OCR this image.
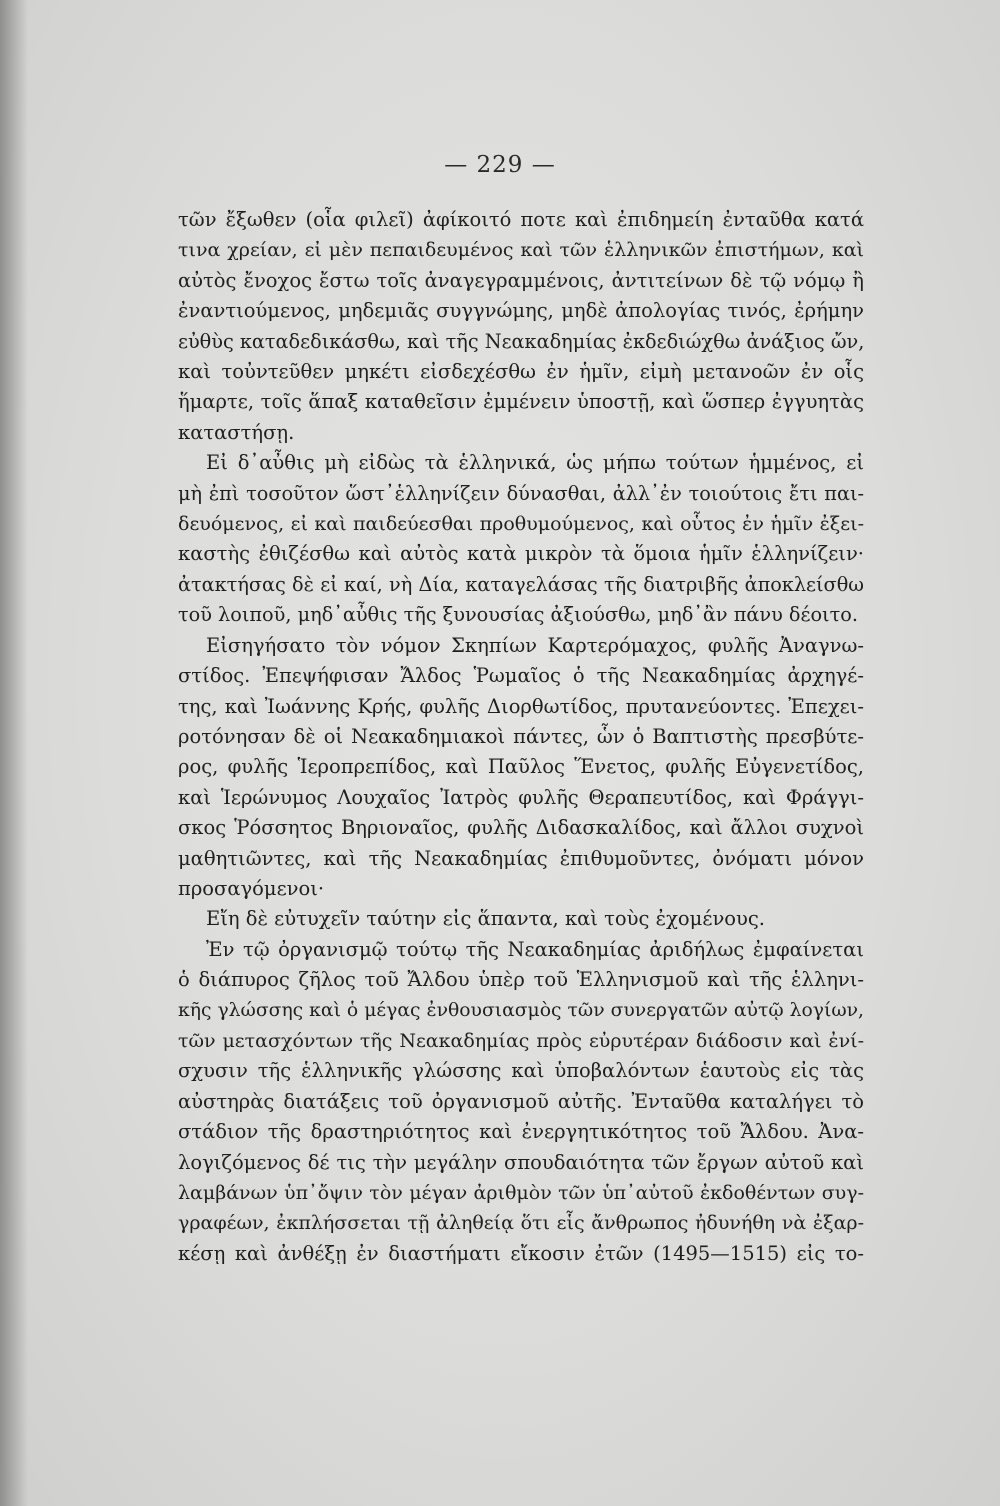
— 229 —
τῶν ἔξωθεν (οἷα φιλεῖ) ἀφίκοιτό ποτε καὶ ἐπιδημείη ἐνταῦθα κατά
τινα χρείαν, εἰ μὲν πεπαιδευμένος καὶ τῶν ἑλληνικῶν ἐπιστήμων, καὶ
αὐτὸς ἔνοχος ἔστω τοῖς ἀναγεγραμμένοις, ἀντιτείνων δὲ τῷ νόμῳ ἢ
ἐναντιούμενος, μηδεμιᾶς συγγνώμης, μηδὲ ἀπολογίας τινός, ἐρήμην
εὐθὺς καταδεδικάσθω, καὶ τῆς Νεακαδημίας ἐκδεδιώχθω ἀνάξιος ὤν,
καὶ τοὐντεῦθεν μηκέτι εἰσδεχέσθω ἐν ἡμῖν, εἰμὴ μετανοῶν ἐν οἷς
ἥμαρτε, τοῖς ἅπαξ καταθεῖσιν ἐμμένειν ὑποστῇ, καὶ ὥσπερ ἐγγυητὰς
καταστήσῃ.
Εἰ δ᾽αὖθις μὴ εἰδὼς τὰ ἑλληνικά, ὡς μήπω τούτων ἡμμένος, εἰ
μὴ ἐπὶ τοσοῦτον ὥστ᾽ἑλληνίζειν δύνασθαι, ἀλλ᾽ἐν τοιούτοις ἔτι παι-
δευόμενος, εἰ καὶ παιδεύεσθαι προθυμούμενος, καὶ οὗτος ἐν ἡμῖν ἐξει-
καστὴς ἐθιζέσθω καὶ αὐτὸς κατὰ μικρὸν τὰ ὅμοια ἡμῖν ἑλληνίζειν·
ἀτακτήσας δὲ εἰ καί, νὴ Δία, καταγελάσας τῆς διατριβῆς ἀποκλείσθω
τοῦ λοιποῦ, μηδ᾽αὖθις τῆς ξυνουσίας ἀξιούσθω, μηδ᾽ἂν πάνυ δέοιτο.
Εἰσηγήσατο τὸν νόμον Σκηπίων Καρτερόμαχος, φυλῆς Ἀναγνω-
στίδος. Ἐπεψήφισαν Ἄλδος Ῥωμαῖος ὁ τῆς Νεακαδημίας ἀρχηγέ-
της, καὶ Ἰωάννης Κρής, φυλῆς Διορθωτίδος, πρυτανεύοντες. Ἐπεχει-
ροτόνησαν δὲ οἱ Νεακαδημιακοὶ πάντες, ὧν ὁ Βαπτιστὴς πρεσβύτε-
ρος, φυλῆς Ἱεροπρεπίδος, καὶ Παῦλος Ἕνετος, φυλῆς Εὐγενετίδος,
καὶ Ἱερώνυμος Λουχαῖος Ἰατρὸς φυλῆς Θεραπευτίδος, καὶ Φράγγι-
σκος Ῥόσσητος Βηριοναῖος, φυλῆς Διδασκαλίδος, καὶ ἄλλοι συχνοὶ
μαθητιῶντες, καὶ τῆς Νεακαδημίας ἐπιθυμοῦντες, ὀνόματι μόνον
προσαγόμενοι·
Εἴη δὲ εὐτυχεῖν ταύτην εἰς ἅπαντα, καὶ τοὺς ἐχομένους.
Ἐν τῷ ὀργανισμῷ τούτῳ τῆς Νεακαδημίας ἀριδήλως ἐμφαίνεται
ὁ διάπυρος ζῆλος τοῦ Ἄλδου ὑπὲρ τοῦ Ἑλληνισμοῦ καὶ τῆς ἑλληνι-
κῆς γλώσσης καὶ ὁ μέγας ἐνθουσιασμὸς τῶν συνεργατῶν αὐτῷ λογίων,
τῶν μετασχόντων τῆς Νεακαδημίας πρὸς εὐρυτέραν διάδοσιν καὶ ἐνί-
σχυσιν τῆς ἑλληνικῆς γλώσσης καὶ ὑποβαλόντων ἑαυτοὺς εἰς τὰς
αὐστηρὰς διατάξεις τοῦ ὀργανισμοῦ αὐτῆς. Ἐνταῦθα καταλήγει τὸ
στάδιον τῆς δραστηριότητος καὶ ἐνεργητικότητος τοῦ Ἄλδου. Ἀνα-
λογιζόμενος δέ τις τὴν μεγάλην σπουδαιότητα τῶν ἔργων αὐτοῦ καὶ
λαμβάνων ὑπ᾽ὄψιν τὸν μέγαν ἀριθμὸν τῶν ὑπ᾽αὐτοῦ ἐκδοθέντων συγ-
γραφέων, ἐκπλήσσεται τῇ ἀληθείᾳ ὅτι εἷς ἄνθρωπος ἠδυνήθη νὰ ἐξαρ-
κέσῃ καὶ ἀνθέξῃ ἐν διαστήματι εἴκοσιν ἐτῶν (1495—1515) εἰς το-
